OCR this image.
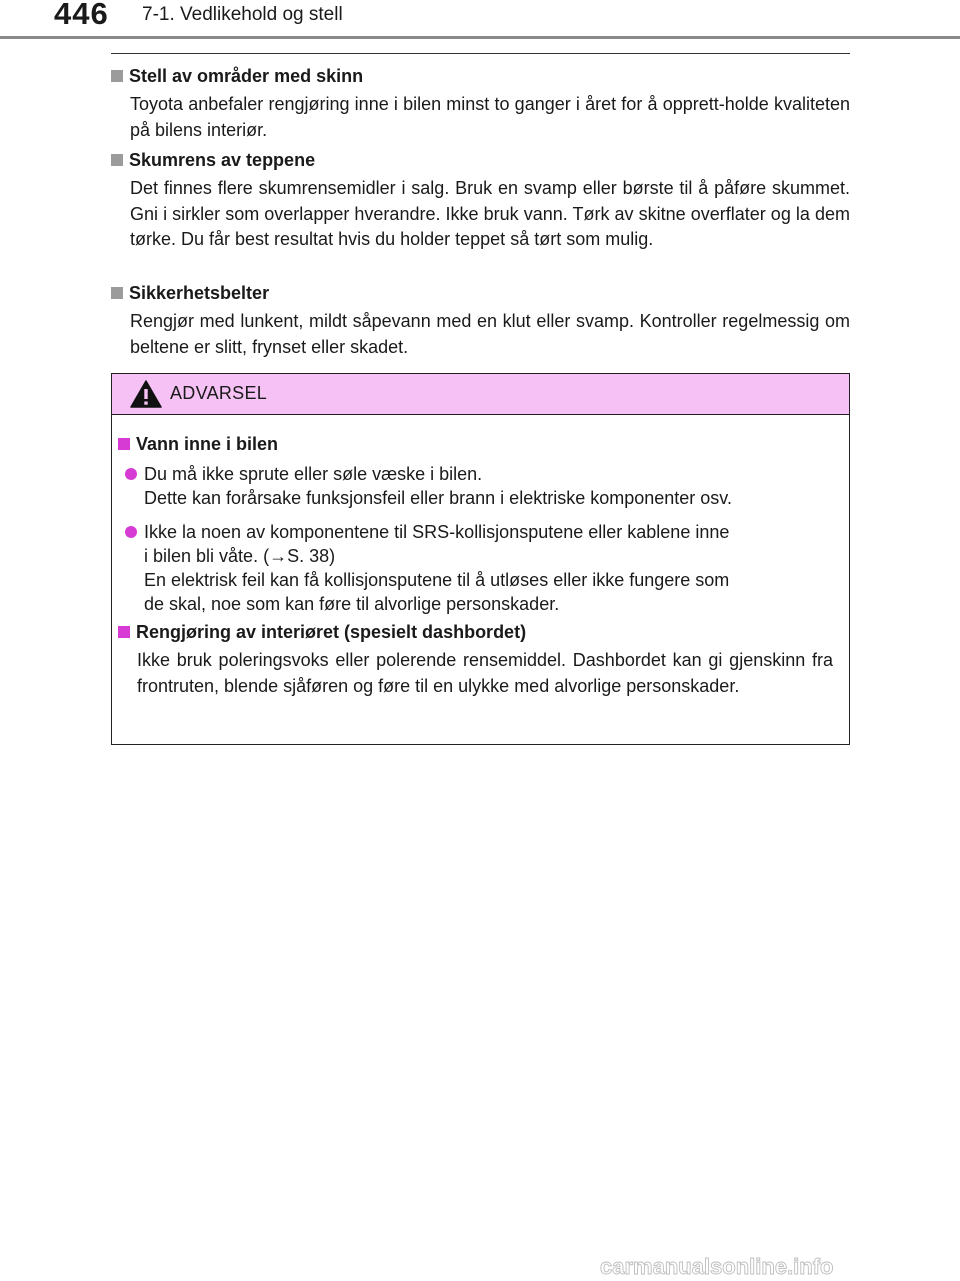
446 7-1. Vedlikehold og stell
Stell av områder med skinn
Toyota anbefaler rengjøring inne i bilen minst to ganger i året for å opprett-holde kvaliteten på bilens interiør.
Skumrens av teppene
Det finnes flere skumrensemidler i salg. Bruk en svamp eller børste til å påføre skummet. Gni i sirkler som overlapper hverandre. Ikke bruk vann. Tørk av skitne overflater og la dem tørke. Du får best resultat hvis du holder teppet så tørt som mulig.
Sikkerhetsbelter
Rengjør med lunkent, mildt såpevann med en klut eller svamp. Kontroller regelmessig om beltene er slitt, frynset eller skadet.
ADVARSEL
Vann inne i bilen
Du må ikke sprute eller søle væske i bilen.
Dette kan forårsake funksjonsfeil eller brann i elektriske komponenter osv.
Ikke la noen av komponentene til SRS-kollisjonsputene eller kablene inne
i bilen bli våte. (→S. 38)
En elektrisk feil kan få kollisjonsputene til å utløses eller ikke fungere som
de skal, noe som kan føre til alvorlige personskader.
Rengjøring av interiøret (spesielt dashbordet)
Ikke bruk poleringsvoks eller polerende rensemiddel. Dashbordet kan gi gjenskinn fra frontruten, blende sjåføren og føre til en ulykke med alvorlige personskader.
carmanualsonline.info
